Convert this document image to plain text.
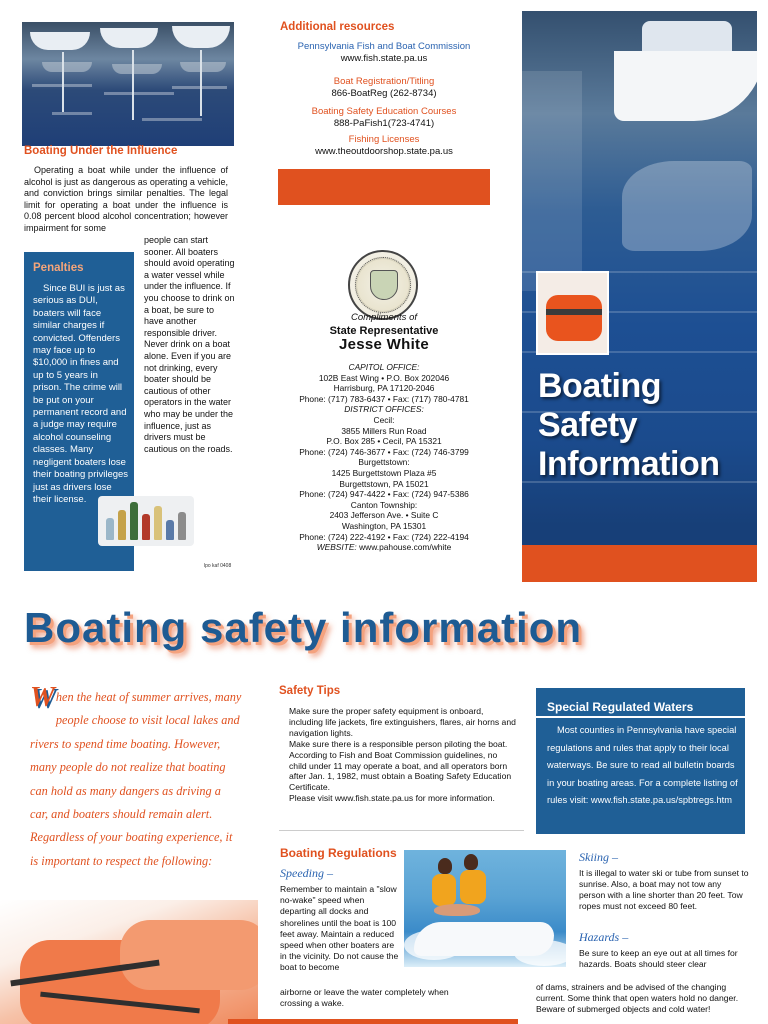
Boating Under the Influence
Operating a boat while under the influence of alcohol is just as dangerous as operating a vehicle, and conviction brings similar penalties. The legal limit for operating a boat under the influence is 0.08 percent blood alcohol concentration; however impairment for some
Penalties
Since BUI is just as serious as DUI, boaters will face similar charges if convicted. Offenders may face up to $10,000 in fines and up to 5 years in prison. The crime will be put on your permanent record and a judge may require alcohol counseling classes. Many negligent boaters lose their boating privileges just as drivers lose their license.
people can start sooner. All boaters should avoid operating a water vessel while under the influence. If you choose to drink on a boat, be sure to have another responsible driver. Never drink on a boat alone. Even if you are not drinking, every boater should be cautious of other operators in the water who may be under the influence, just as drivers must be cautious on the roads.
lpo kaf 0408
Additional resources
Pennsylvania Fish and Boat Commission
www.fish.state.pa.us
Boat Registration/Titling
866-BoatReg (262-8734)
Boating Safety Education Courses
888-PaFish1(723-4741)
Fishing Licenses
www.theoutdoorshop.state.pa.us
Compliments of
State Representative
Jesse White
CAPITOL OFFICE:
102B East Wing • P.O. Box 202046
Harrisburg, PA 17120-2046
Phone: (717) 783-6437 • Fax: (717) 780-4781
DISTRICT OFFICES:
Cecil:
3855 Millers Run Road
P.O. Box 285 • Cecil, PA 15321
Phone: (724) 746-3677 • Fax: (724) 746-3799
Burgettstown:
1425 Burgettstown Plaza #5
Burgettstown, PA 15021
Phone: (724) 947-4422 • Fax: (724) 947-5386
Canton Township:
2403 Jefferson Ave. • Suite C
Washington, PA 15301
Phone: (724) 222-4192 • Fax: (724) 222-4194
WEBSITE: www.pahouse.com/white
Boating
Safety
Information
Boating safety information
When the heat of summer arrives, many people choose to visit local lakes and rivers to spend time boating. However, many people do not realize that boating can hold as many dangers as driving a car, and boaters should remain alert. Regardless of your boating experience, it is important to respect the following:
Safety Tips
Make sure the proper safety equipment is onboard, including life jackets, fire extinguishers, flares, air horns and navigation lights.
Make sure there is a responsible person piloting the boat. According to Fish and Boat Commission guidelines, no child under 11 may operate a boat, and all operators born after Jan. 1, 1982, must obtain a Boating Safety Education Certificate.
Please visit www.fish.state.pa.us for more information.
Special Regulated Waters
Most counties in Pennsylvania have special regulations and rules that apply to their local waterways. Be sure to read all bulletin boards in your boating areas. For a complete listing of rules visit: www.fish.state.pa.us/spbtregs.htm
Boating Regulations
Speeding –
Remember to maintain a "slow no-wake" speed when departing all docks and shorelines until the boat is 100 feet away. Maintain a reduced speed when other boaters are in the vicinity. Do not cause the boat to become
airborne or leave the water completely when crossing a wake.
Skiing –
It is illegal to water ski or tube from sunset to sunrise. Also, a boat may not tow any person with a line shorter than 20 feet. Tow ropes must not exceed 80 feet.
Hazards –
Be sure to keep an eye out at all times for hazards. Boats should steer clear
of dams, strainers and be advised of the changing current. Some think that open waters hold no danger. Beware of submerged objects and cold water!
